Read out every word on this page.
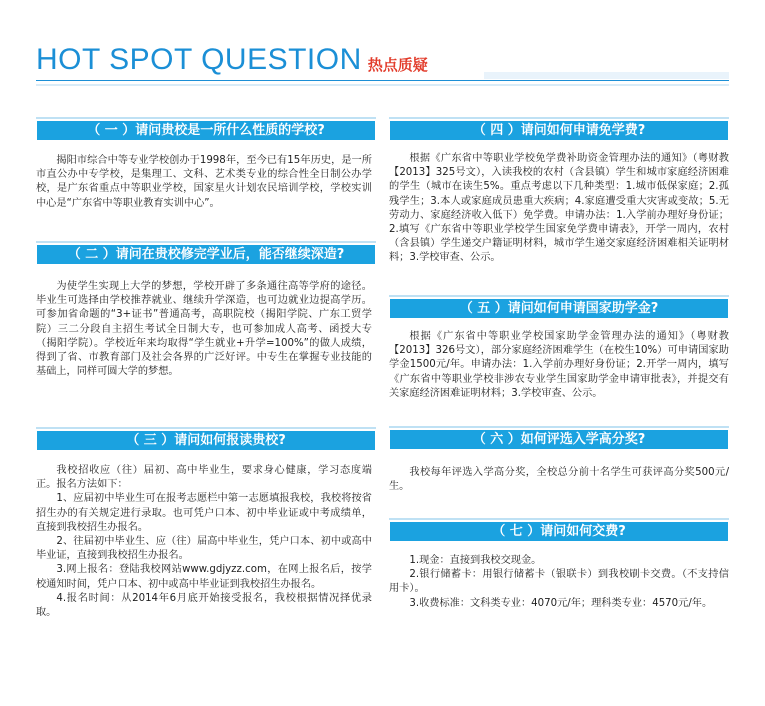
HOT SPOT QUESTION 热点质疑
（ 一 ）请问贵校是一所什么性质的学校?

揭阳市综合中等专业学校创办于1998年，至今已有15年历史，是一所市直公办中专学校，是集理工、文科、艺术类专业的综合性全日制公办学校，是广东省重点中等职业学校，国家星火计划农民培训学校，学校实训中心是“广东省中等职业教育实训中心”。

（ 二 ）请问在贵校修完学业后，能否继续深造?

为使学生实现上大学的梦想，学校开辟了多条通往高等学府的途径。毕业生可选择由学校推荐就业、继续升学深造，也可边就业边提高学历。可参加省命题的“3+证书”普通高考，高职院校（揭阳学院、广东工贸学院）三二分段自主招生考试全日制大专，也可参加成人高考、函授大专（揭阳学院）。学校近年来均取得“学生就业+升学=100%”的做人成绩，得到了省、市教育部门及社会各界的广泛好评。中专生在掌握专业技能的基础上，同样可圆大学的梦想。

（ 三 ）请问如何报读贵校?

我校招收应（往）届初、高中毕业生，要求身心健康，学习态度端正。报名方法如下：

1、应届初中毕业生可在报考志愿栏中第一志愿填报我校，我校将按省招生办的有关规定进行录取。也可凭户口本、初中毕业证或中考成绩单，直接到我校招生办报名。

2、往届初中毕业生、应（往）届高中毕业生，凭户口本、初中或高中毕业证，直接到我校招生办报名。

3.网上报名：登陆我校网站www.gdjyzz.com，在网上报名后，按学校通知时间，凭户口本、初中或高中毕业证到我校招生办报名。

4.报名时间：从2014年6月底开始接受报名，我校根据情况择优录取。

（ 四 ）请问如何申请免学费?

根据《广东省中等职业学校免学费补助资金管理办法的通知》（粤财教【2013】325号文），入读我校的农村（含县镇）学生和城市家庭经济困难的学生（城市在读生5%。重点考虑以下几种类型：1.城市低保家庭；2.孤残学生；3.本人或家庭成员患重大疾病；4.家庭遭受重大灾害或变故；5.无劳动力、家庭经济收入低下）免学费。申请办法：1.入学前办理好身份证；2.填写《广东省中等职业学校学生国家免学费申请表》，开学一周内，农村（含县镇）学生递交户籍证明材料，城市学生递交家庭经济困难相关证明材料；3.学校审查、公示。

（ 五 ）请问如何申请国家助学金?

根据《广东省中等职业学校国家助学金管理办法的通知》（粤财教【2013】326号文），部分家庭经济困难学生（在校生10%）可申请国家助学金1500元/年。申请办法：1.入学前办理好身份证；2.开学一周内，填写《广东省中等职业学校非涉农专业学生国家助学金申请审批表》，并提交有关家庭经济困难证明材料；3.学校审查、公示。

（ 六 ）如何评选入学高分奖?

我校每年评选入学高分奖，全校总分前十名学生可获评高分奖500元/生。

（ 七 ）请问如何交费?

1.现金：直接到我校交现金。

2.银行储蓄卡：用银行储蓄卡（银联卡）到我校刷卡交费。（不支持信用卡）。

3.收费标准：文科类专业：4070元/年；理科类专业：4570元/年。
